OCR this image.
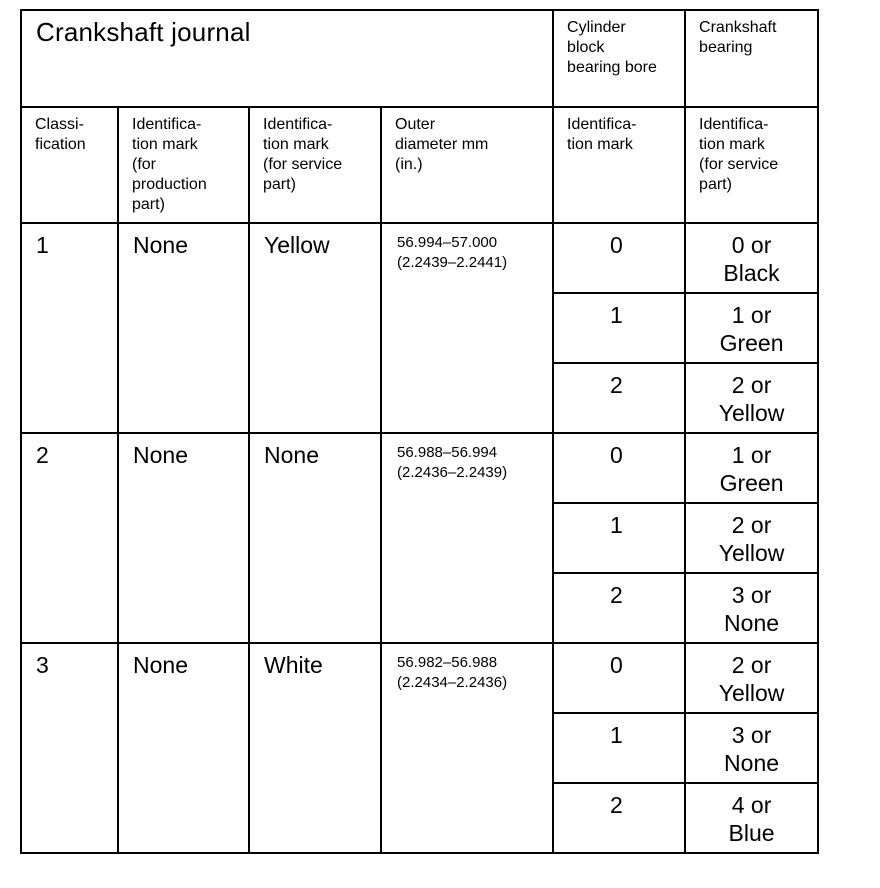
Crankshaft journal				Cylinder block bearing bore	Crankshaft bearing

Classi-
fication	Identifica-
tion mark
(for
production
part)	Identifica-
tion mark
(for service
part)	Outer
diameter mm
(in.)	Identifica-
tion mark	Identifica-
tion mark
(for service
part)

1	None	Yellow	56.994–57.000
(2.2439–2.2441)	0	0 or
Black

				1	1 or
Green

				2	2 or
Yellow

2	None	None	56.988–56.994
(2.2436–2.2439)	0	1 or
Green

				1	2 or
Yellow

				2	3 or
None

3	None	White	56.982–56.988
(2.2434–2.2436)	0	2 or
Yellow

				1	3 or
None

				2	4 or
Blue
